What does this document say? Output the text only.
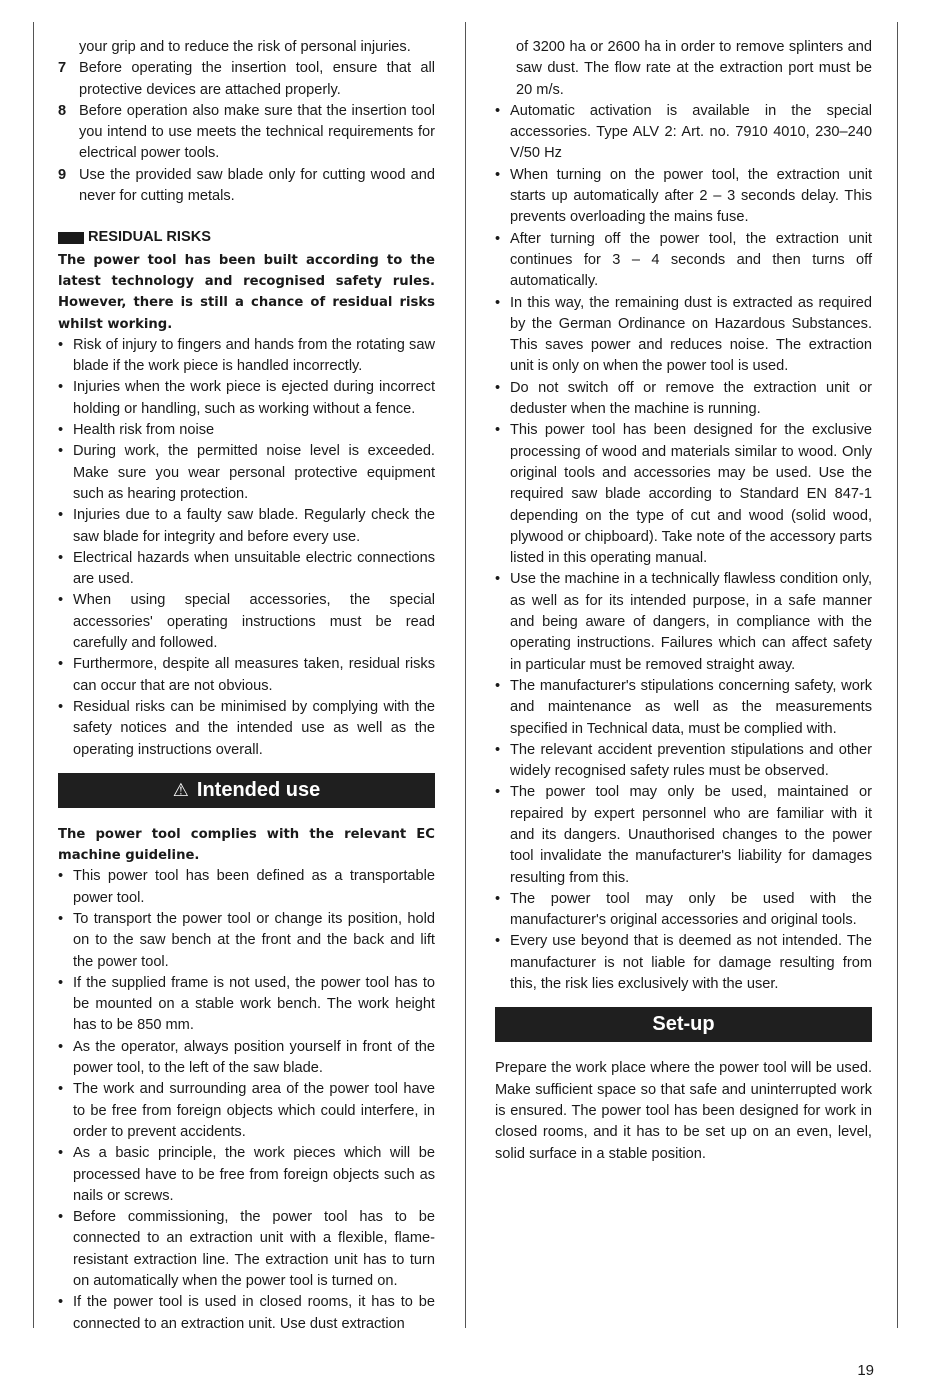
your grip and to reduce the risk of personal injuries.

7 Before operating the insertion tool, ensure that all protective devices are attached properly.
8 Before operation also make sure that the insertion tool you intend to use meets the technical requirements for electrical power tools.
9 Use the provided saw blade only for cutting wood and never for cutting metals.
RESIDUAL RISKS

The power tool has been built according to the latest technology and recognised safety rules. However, there is still a chance of residual risks whilst working.

• Risk of injury to fingers and hands from the rotating saw blade if the work piece is handled incorrectly.
• Injuries when the work piece is ejected during incorrect holding or handling, such as working without a fence.
• Health risk from noise
• During work, the permitted noise level is exceeded. Make sure you wear personal protective equipment such as hearing protection.
• Injuries due to a faulty saw blade. Regularly check the saw blade for integrity and before every use.
• Electrical hazards when unsuitable electric connections are used.
• When using special accessories, the special accessories' operating instructions must be read carefully and followed.
• Furthermore, despite all measures taken, residual risks can occur that are not obvious.
• Residual risks can be minimised by complying with the safety notices and the intended use as well as the operating instructions overall.
⚠ Intended use

The power tool complies with the relevant EC machine guideline.

• This power tool has been defined as a transportable power tool.
• To transport the power tool or change its position, hold on to the saw bench at the front and the back and lift the power tool.
• If the supplied frame is not used, the power tool has to be mounted on a stable work bench. The work height has to be 850 mm.
• As the operator, always position yourself in front of the power tool, to the left of the saw blade.
• The work and surrounding area of the power tool have to be free from foreign objects which could interfere, in order to prevent accidents.
• As a basic principle, the work pieces which will be processed have to be free from foreign objects such as nails or screws.
• Before commissioning, the power tool has to be connected to an extraction unit with a flexible, flame-resistant extraction line. The extraction unit has to turn on automatically when the power tool is turned on.
• If the power tool is used in closed rooms, it has to be connected to an extraction unit. Use dust extraction

of 3200 ha or 2600 ha in order to remove splinters and saw dust. The flow rate at the extraction port must be 20 m/s.

• Automatic activation is available in the special accessories. Type ALV 2: Art. no. 7910 4010, 230–240 V/50 Hz
• When turning on the power tool, the extraction unit starts up automatically after 2 – 3 seconds delay. This prevents overloading the mains fuse.
• After turning off the power tool, the extraction unit continues for 3 – 4 seconds and then turns off automatically.
• In this way, the remaining dust is extracted as required by the German Ordinance on Hazardous Substances. This saves power and reduces noise. The extraction unit is only on when the power tool is used.
• Do not switch off or remove the extraction unit or deduster when the machine is running.
• This power tool has been designed for the exclusive processing of wood and materials similar to wood. Only original tools and accessories may be used. Use the required saw blade according to Standard EN 847-1 depending on the type of cut and wood (solid wood, plywood or chipboard). Take note of the accessory parts listed in this operating manual.
• Use the machine in a technically flawless condition only, as well as for its intended purpose, in a safe manner and being aware of dangers, in compliance with the operating instructions. Failures which can affect safety in particular must be removed straight away.
• The manufacturer's stipulations concerning safety, work and maintenance as well as the measurements specified in Technical data, must be complied with.
• The relevant accident prevention stipulations and other widely recognised safety rules must be observed.
• The power tool may only be used, maintained or repaired by expert personnel who are familiar with it and its dangers. Unauthorised changes to the power tool invalidate the manufacturer's liability for damages resulting from this.
• The power tool may only be used with the manufacturer's original accessories and original tools.
• Every use beyond that is deemed as not intended. The manufacturer is not liable for damage resulting from this, the risk lies exclusively with the user.
Set-up

Prepare the work place where the power tool will be used. Make sufficient space so that safe and uninterrupted work is ensured. The power tool has been designed for work in closed rooms, and it has to be set up on an even, level, solid surface in a stable position.

19
